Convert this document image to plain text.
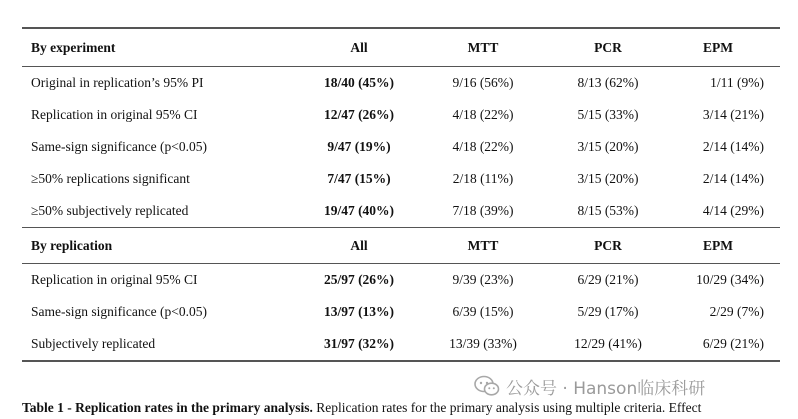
By experiment	All	MTT	PCR	EPM
Original in replication’s 95% PI	18/40 (45%)	9/16 (56%)	8/13 (62%)	1/11 (9%)
Replication in original 95% CI	12/47 (26%)	4/18 (22%)	5/15 (33%)	3/14 (21%)
Same-sign significance (p<0.05)	9/47 (19%)	4/18 (22%)	3/15 (20%)	2/14 (14%)
≥50% replications significant	7/47 (15%)	2/18 (11%)	3/15 (20%)	2/14 (14%)
≥50% subjectively replicated	19/47 (40%)	7/18 (39%)	8/15 (53%)	4/14 (29%)
By replication	All	MTT	PCR	EPM
Replication in original 95% CI	25/97 (26%)	9/39 (23%)	6/29 (21%)	10/29 (34%)
Same-sign significance (p<0.05)	13/97 (13%)	6/39 (15%)	5/29 (17%)	2/29 (7%)
Subjectively replicated	31/97 (32%)	13/39 (33%)	12/29 (41%)	6/29 (21%)
公众号 · Hanson临床科研
Table 1 - Replication rates in the primary analysis. Replication rates for the primary analysis using multiple criteria. Effect
